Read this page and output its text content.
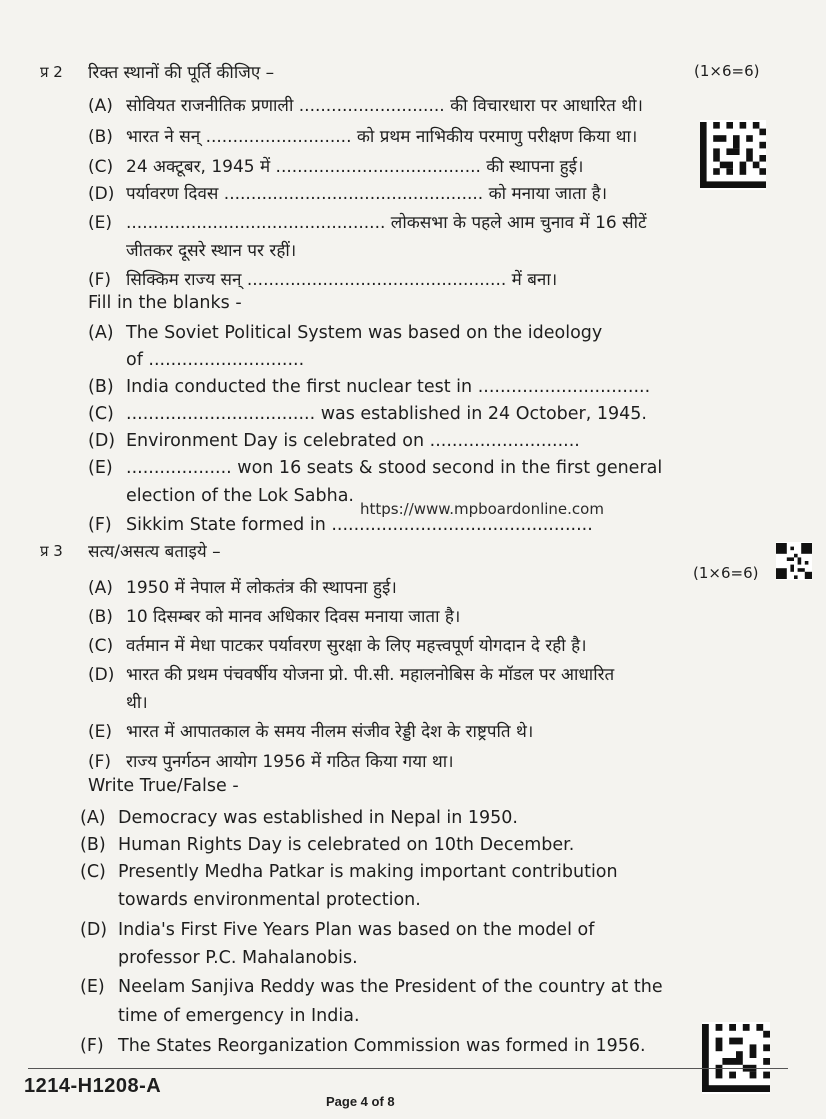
प्र 2 रिक्त स्थानों की पूर्ति कीजिए –	(1×6=6)
(A) सोवियत राजनीतिक प्रणाली ........................... की विचारधारा पर आधारित थी।
(B) भारत ने सन् ........................... को प्रथम नाभिकीय परमाणु परीक्षण किया था।
(C) 24 अक्टूबर, 1945 में ...................................... की स्थापना हुई।
(D) पर्यावरण दिवस ................................................ को मनाया जाता है।
(E) ................................................ लोकसभा के पहले आम चुनाव में 16 सीटें
जीतकर दूसरे स्थान पर रहीं।
(F) सिक्किम राज्य सन् ................................................ में बना।
Fill in the blanks -
(A) The Soviet Political System was based on the ideology
of ............................
(B) India conducted the first nuclear test in ...............................
(C) .................................. was established in 24 October, 1945.
(D) Environment Day is celebrated on ...........................
(E) ................... won 16 seats & stood second in the first general
election of the Lok Sabha.
https://www.mpboardonline.com
(F) Sikkim State formed in ...............................................
प्र 3 सत्य/असत्य बताइये –
(1×6=6)
(A) 1950 में नेपाल में लोकतंत्र की स्थापना हुई।
(B) 10 दिसम्बर को मानव अधिकार दिवस मनाया जाता है।
(C) वर्तमान में मेधा पाटकर पर्यावरण सुरक्षा के लिए महत्त्वपूर्ण योगदान दे रही है।
(D) भारत की प्रथम पंचवर्षीय योजना प्रो. पी.सी. महालनोबिस के मॉडल पर आधारित
थी।
(E) भारत में आपातकाल के समय नीलम संजीव रेड्डी देश के राष्ट्रपति थे।
(F) राज्य पुनर्गठन आयोग 1956 में गठित किया गया था।
Write True/False -
(A) Democracy was established in Nepal in 1950.
(B) Human Rights Day is celebrated on 10th December.
(C) Presently Medha Patkar is making important contribution
towards environmental protection.
(D) India's First Five Years Plan was based on the model of
professor P.C. Mahalanobis.
(E) Neelam Sanjiva Reddy was the President of the country at the
time of emergency in India.
(F) The States Reorganization Commission was formed in 1956.
1214-H1208-A
Page 4 of 8
